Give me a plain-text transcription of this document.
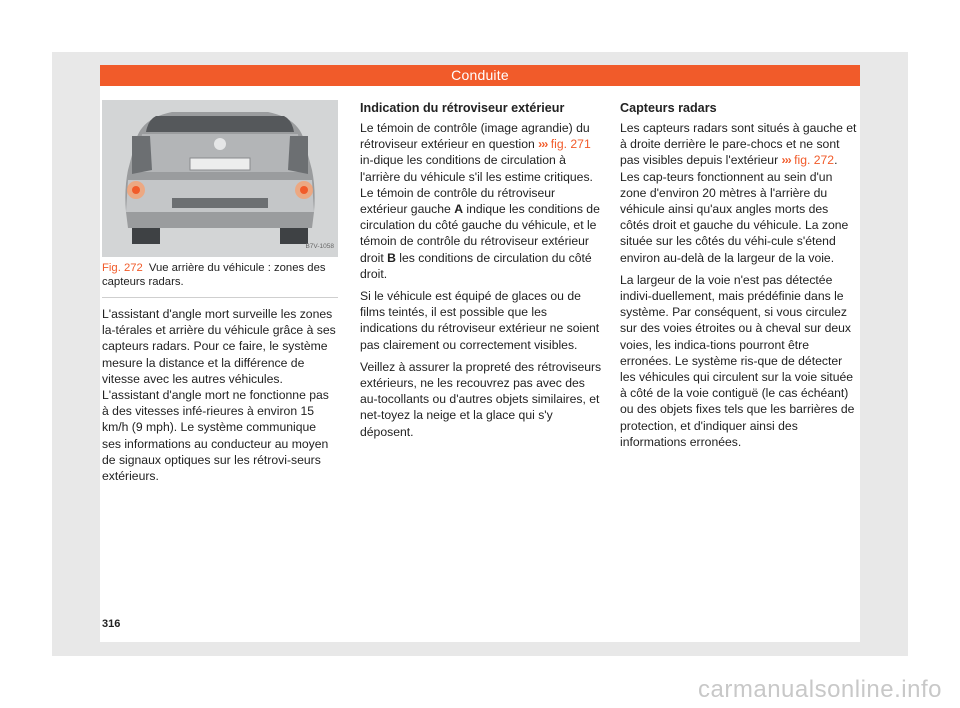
Conduite
B7V-1058
Fig. 272 Vue arrière du véhicule : zones des capteurs radars.

L'assistant d'angle mort surveille les zones la-térales et arrière du véhicule grâce à ses capteurs radars. Pour ce faire, le système mesure la distance et la différence de vitesse avec les autres véhicules. L'assistant d'angle mort ne fonctionne pas à des vitesses infé-rieures à environ 15 km/h (9 mph). Le système communique ses informations au conducteur au moyen de signaux optiques sur les rétrovi-seurs extérieurs.

Indication du rétroviseur extérieur

Le témoin de contrôle (image agrandie) du rétroviseur extérieur en question ››› fig. 271 in-dique les conditions de circulation à l'arrière du véhicule s'il les estime critiques. Le témoin de contrôle du rétroviseur extérieur gauche A indique les conditions de circulation du côté gauche du véhicule, et le témoin de contrôle du rétroviseur extérieur droit B les conditions de circulation du côté droit.

Si le véhicule est équipé de glaces ou de films teintés, il est possible que les indications du rétroviseur extérieur ne soient pas clairement ou correctement visibles.

Veillez à assurer la propreté des rétroviseurs extérieurs, ne les recouvrez pas avec des au-tocollants ou d'autres objets similaires, et net-toyez la neige et la glace qui s'y déposent.

Capteurs radars

Les capteurs radars sont situés à gauche et à droite derrière le pare-chocs et ne sont pas visibles depuis l'extérieur ››› fig. 272. Les cap-teurs fonctionnent au sein d'un zone d'environ 20 mètres à l'arrière du véhicule ainsi qu'aux angles morts des côtés droit et gauche du véhicule. La zone située sur les côtés du véhi-cule s'étend environ au-delà de la largeur de la voie.

La largeur de la voie n'est pas détectée indivi-duellement, mais prédéfinie dans le système. Par conséquent, si vous circulez sur des voies étroites ou à cheval sur deux voies, les indica-tions pourront être erronées. Le système ris-que de détecter les véhicules qui circulent sur la voie située à côté de la voie contiguë (le cas échéant) ou des objets fixes tels que les barrières de protection, et d'indiquer ainsi des informations erronées.

316
carmanualsonline.info
